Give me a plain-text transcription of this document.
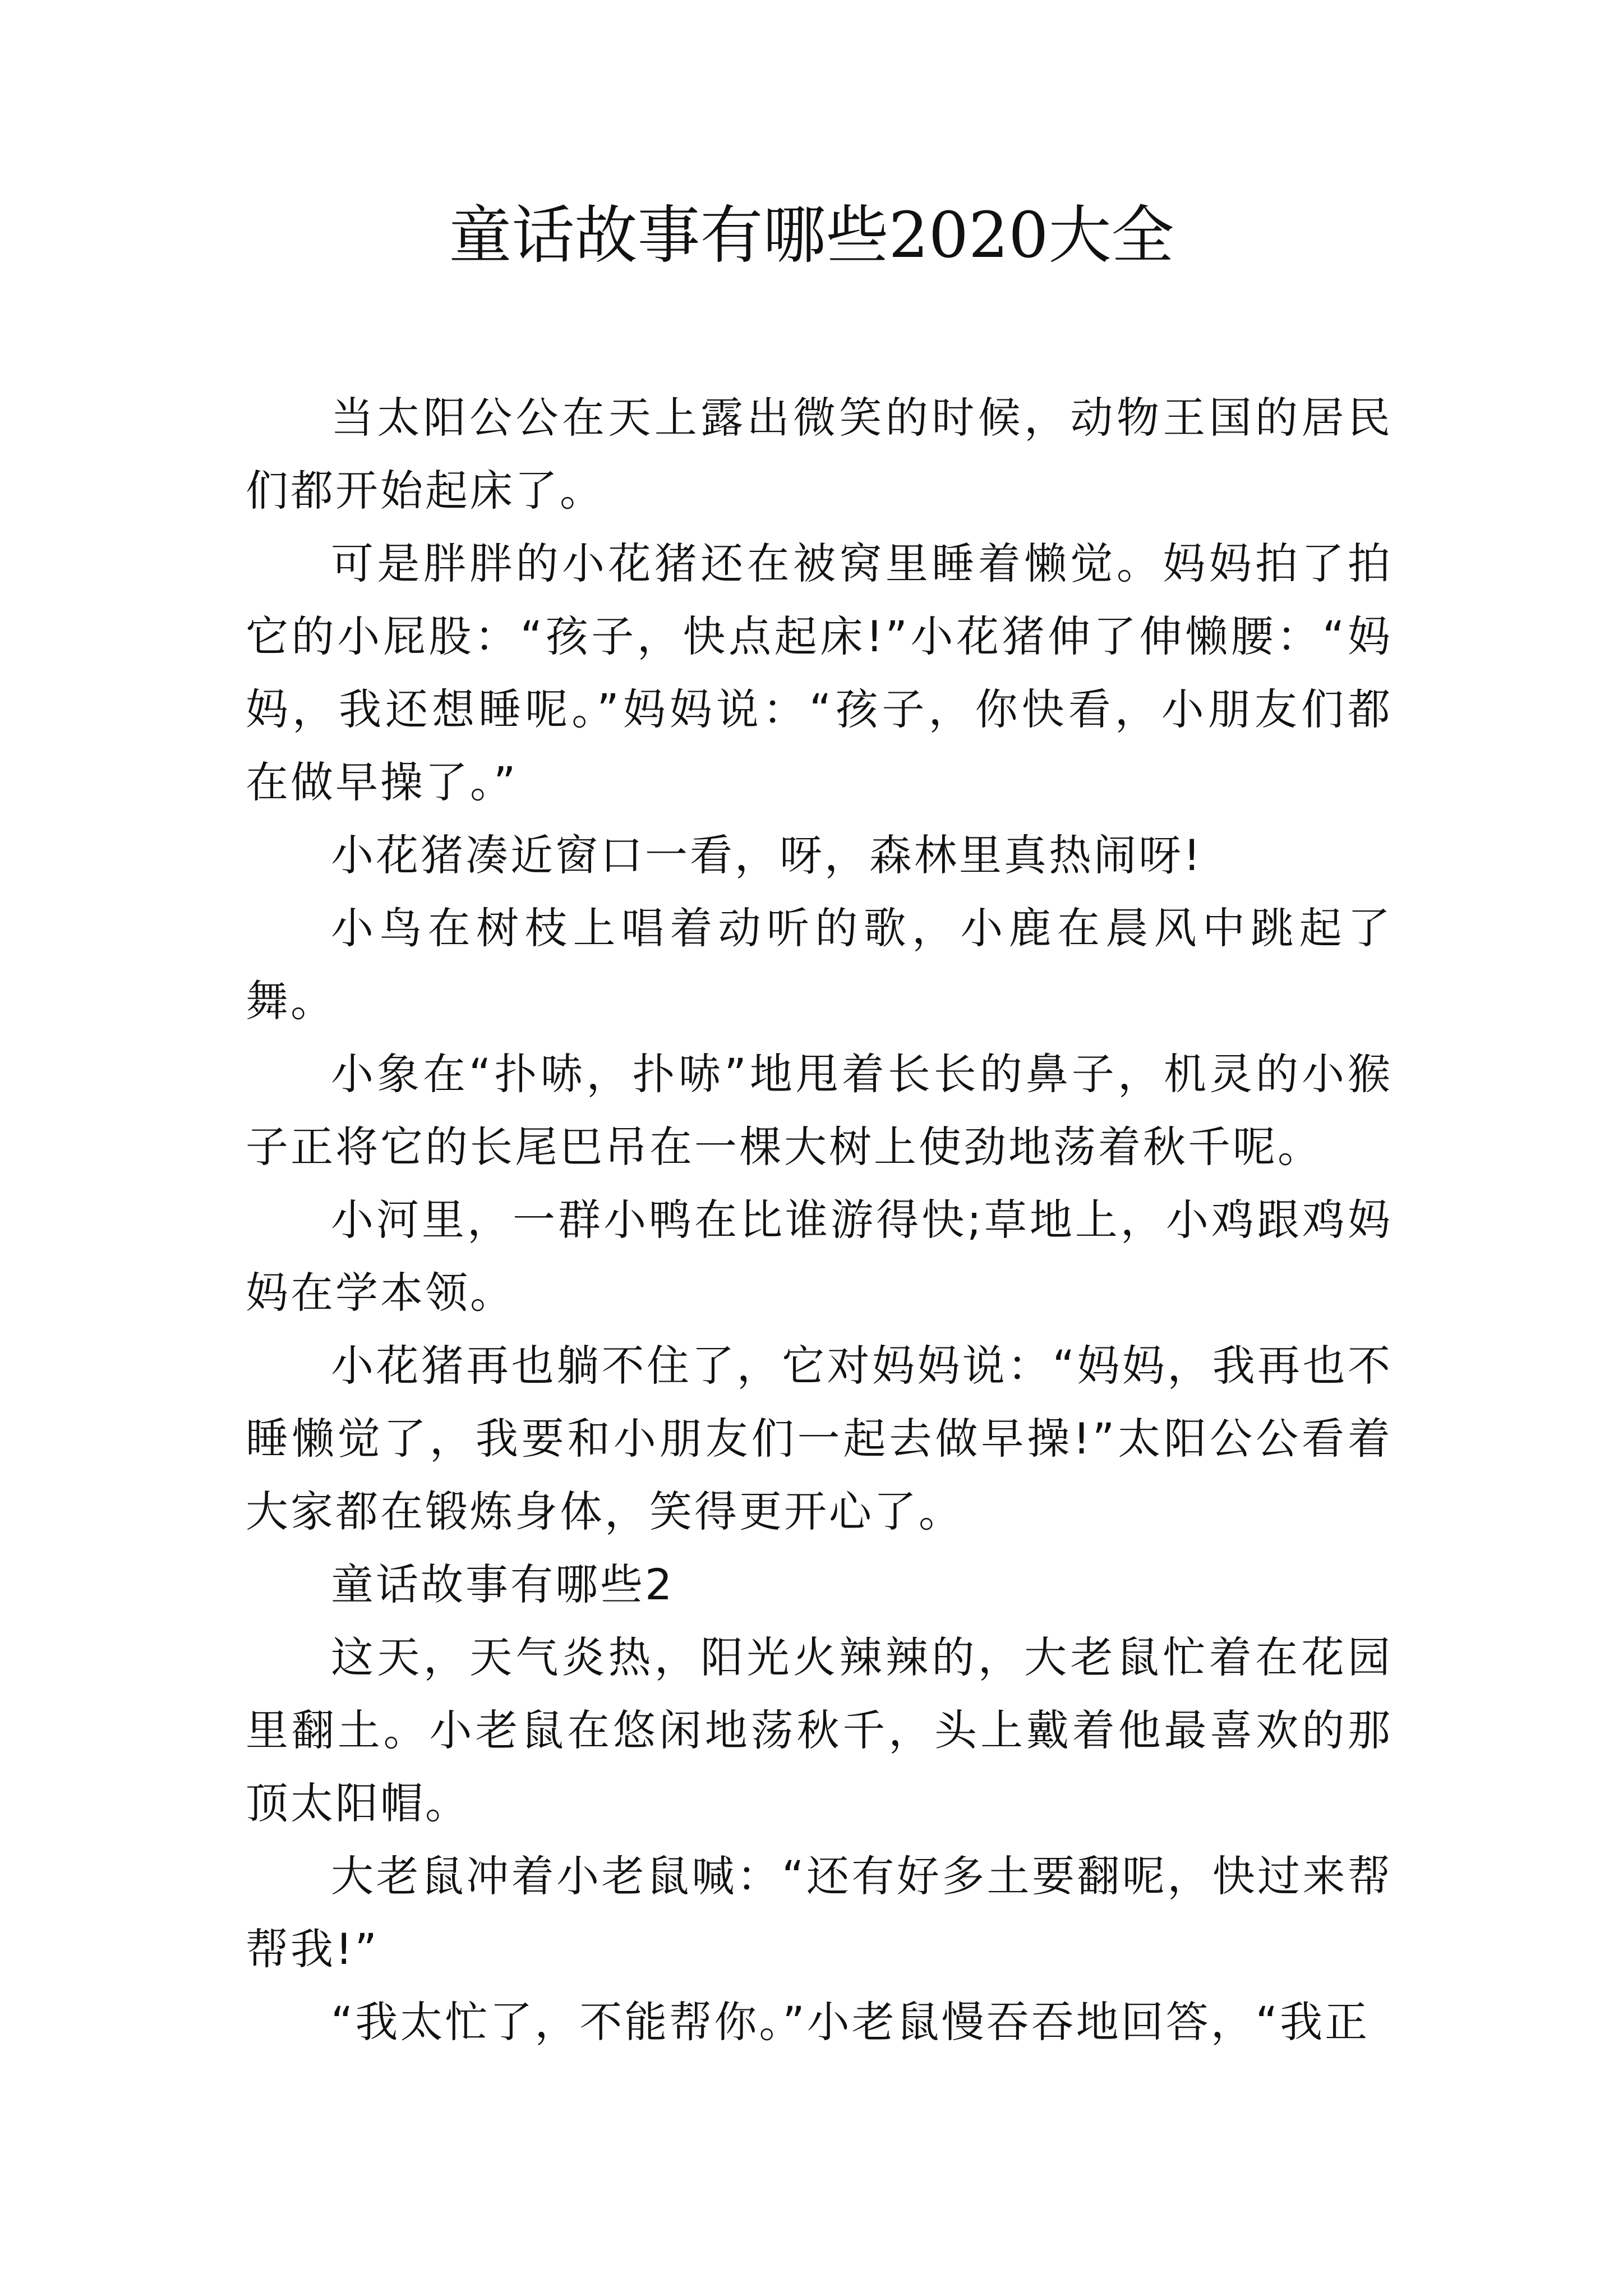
童话故事有哪些2020大全

当太阳公公在天上露出微笑的时候，动物王国的居民们都开始起床了。

可是胖胖的小花猪还在被窝里睡着懒觉。妈妈拍了拍它的小屁股：“孩子，快点起床!”小花猪伸了伸懒腰：“妈妈，我还想睡呢。”妈妈说：“孩子，你快看，小朋友们都在做早操了。”

小花猪凑近窗口一看，呀，森林里真热闹呀!

小鸟在树枝上唱着动听的歌，小鹿在晨风中跳起了舞。

小象在“扑哧，扑哧”地甩着长长的鼻子，机灵的小猴子正将它的长尾巴吊在一棵大树上使劲地荡着秋千呢。

小河里，一群小鸭在比谁游得快;草地上，小鸡跟鸡妈妈在学本领。

小花猪再也躺不住了，它对妈妈说：“妈妈，我再也不睡懒觉了，我要和小朋友们一起去做早操!”太阳公公看着大家都在锻炼身体，笑得更开心了。

童话故事有哪些2

这天，天气炎热，阳光火辣辣的，大老鼠忙着在花园里翻土。小老鼠在悠闲地荡秋千，头上戴着他最喜欢的那顶太阳帽。

大老鼠冲着小老鼠喊：“还有好多土要翻呢，快过来帮帮我!”

“我太忙了，不能帮你。”小老鼠慢吞吞地回答，“我正
